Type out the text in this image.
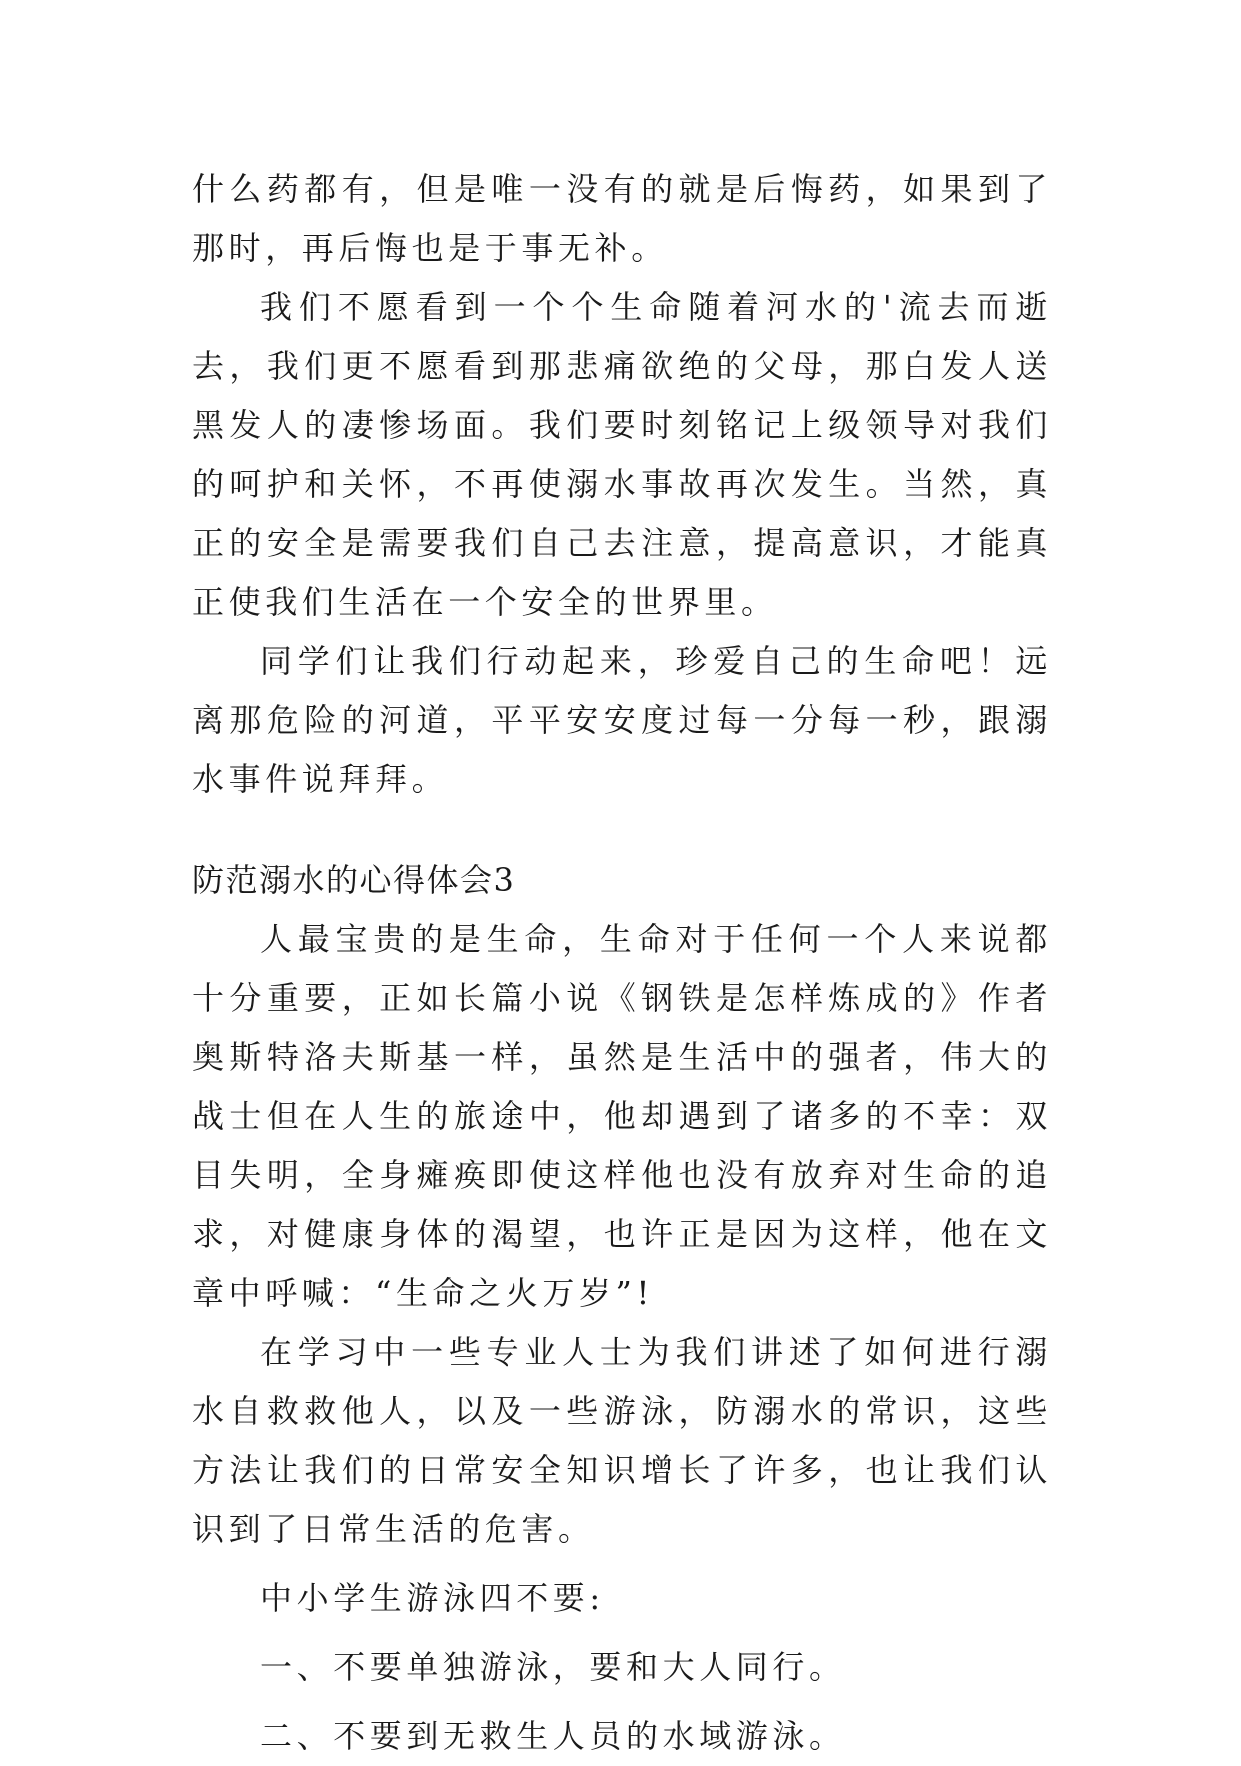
什么药都有，但是唯一没有的就是后悔药，如果到了那时，再后悔也是于事无补。

我们不愿看到一个个生命随着河水的'流去而逝去，我们更不愿看到那悲痛欲绝的父母，那白发人送黑发人的凄惨场面。我们要时刻铭记上级领导对我们的呵护和关怀，不再使溺水事故再次发生。当然，真正的安全是需要我们自己去注意，提高意识，才能真正使我们生活在一个安全的世界里。

同学们让我们行动起来，珍爱自己的生命吧！远离那危险的河道，平平安安度过每一分每一秒，跟溺水事件说拜拜。

防范溺水的心得体会3

人最宝贵的是生命，生命对于任何一个人来说都十分重要，正如长篇小说《钢铁是怎样炼成的》作者奥斯特洛夫斯基一样，虽然是生活中的强者，伟大的战士但在人生的旅途中，他却遇到了诸多的不幸：双目失明，全身瘫痪即使这样他也没有放弃对生命的追求，对健康身体的渴望，也许正是因为这样，他在文章中呼喊：“生命之火万岁”!

在学习中一些专业人士为我们讲述了如何进行溺水自救救他人，以及一些游泳，防溺水的常识，这些方法让我们的日常安全知识增长了许多，也让我们认识到了日常生活的危害。

中小学生游泳四不要:

一、不要单独游泳，要和大人同行。

二、不要到无救生人员的水域游泳。
